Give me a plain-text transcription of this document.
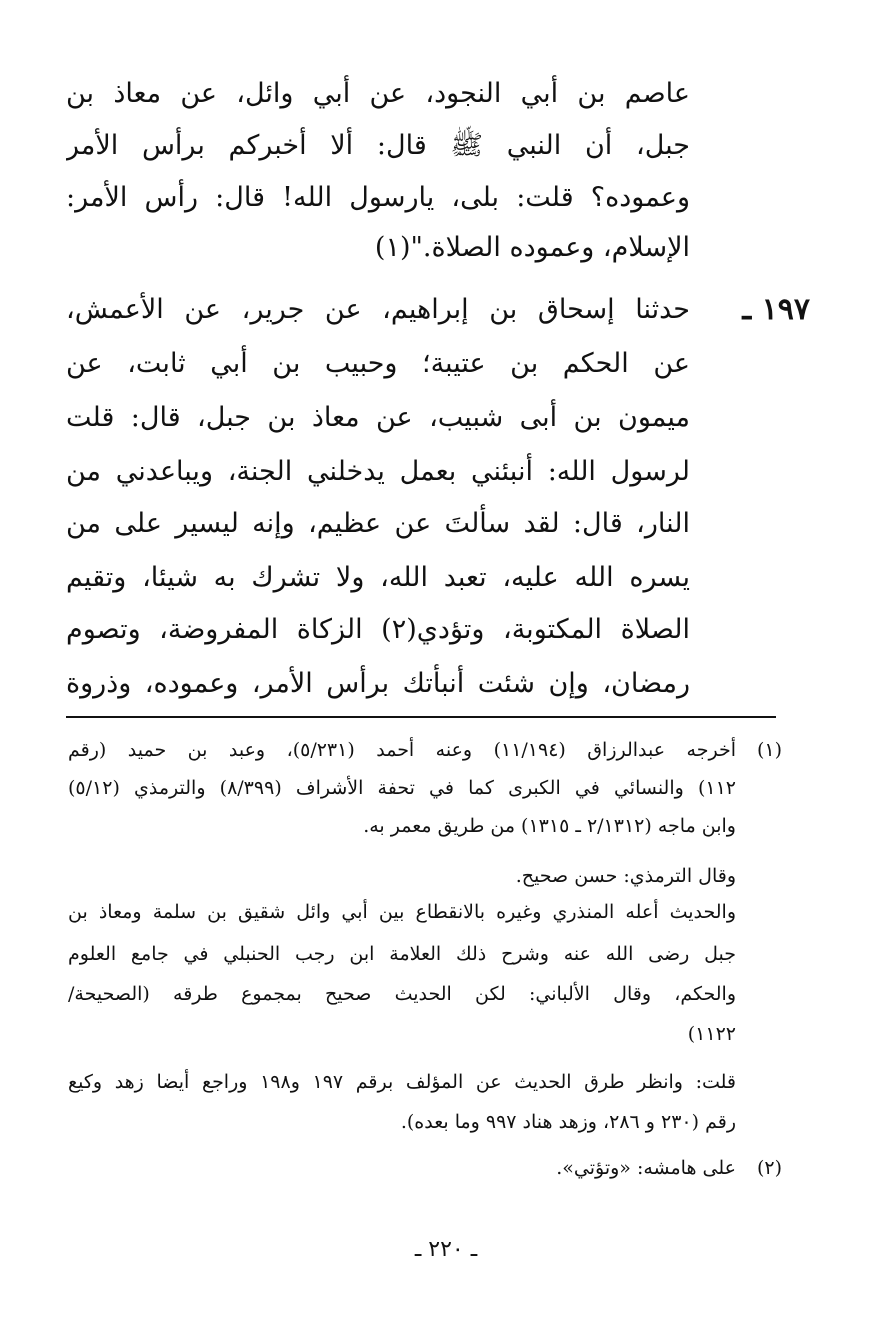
عاصم بن أبي النجود، عن أبي وائل، عن معاذ بن
جبل، أن النبي ﷺ قال: ألا أخبركم برأس الأمر
وعموده؟ قلت: بلى، يارسول الله! قال: رأس الأمر:
الإسلام، وعموده الصلاة."(١)
حدثنا إسحاق بن إبراهيم، عن جرير، عن الأعمش،
عن الحكم بن عتيبة؛ وحبيب بن أبي ثابت، عن
ميمون بن أبى شبيب، عن معاذ بن جبل، قال: قلت
لرسول الله: أنبئني بعمل يدخلني الجنة، ويباعدني من
النار، قال: لقد سألتَ عن عظيم، وإنه ليسير على من
يسره الله عليه، تعبد الله، ولا تشرك به شيئا، وتقيم
الصلاة المكتوبة، وتؤدي(٢) الزكاة المفروضة، وتصوم
رمضان، وإن شئت أنبأتك برأس الأمر، وعموده، وذروة
١٩٧ ـ
(١)
أخرجه عبدالرزاق (١١/١٩٤) وعنه أحمد (٥/٢٣١)، وعبد بن حميد (رقم
١١٢) والنسائي في الكبرى كما في تحفة الأشراف (٨/٣٩٩) والترمذي (٥/١٢)
وابن ماجه (٢/١٣١٢ ـ ١٣١٥) من طريق معمر به.
وقال الترمذي: حسن صحيح.
والحديث أعله المنذري وغيره بالانقطاع بين أبي وائل شقيق بن سلمة ومعاذ بن
جبل رضى الله عنه وشرح ذلك العلامة ابن رجب الحنبلي في جامع العلوم
والحكم، وقال الألباني: لكن الحديث صحيح بمجموع طرقه (الصحيحة/
١١٢٢)
قلت: وانظر طرق الحديث عن المؤلف برقم ١٩٧ و١٩٨ وراجع أيضا زهد وكيع
رقم (٢٣٠ و ٢٨٦، وزهد هناد ٩٩٧ وما بعده).
(٢)
على هامشه: «وتؤتي».
ـ ٢٢٠ ـ
